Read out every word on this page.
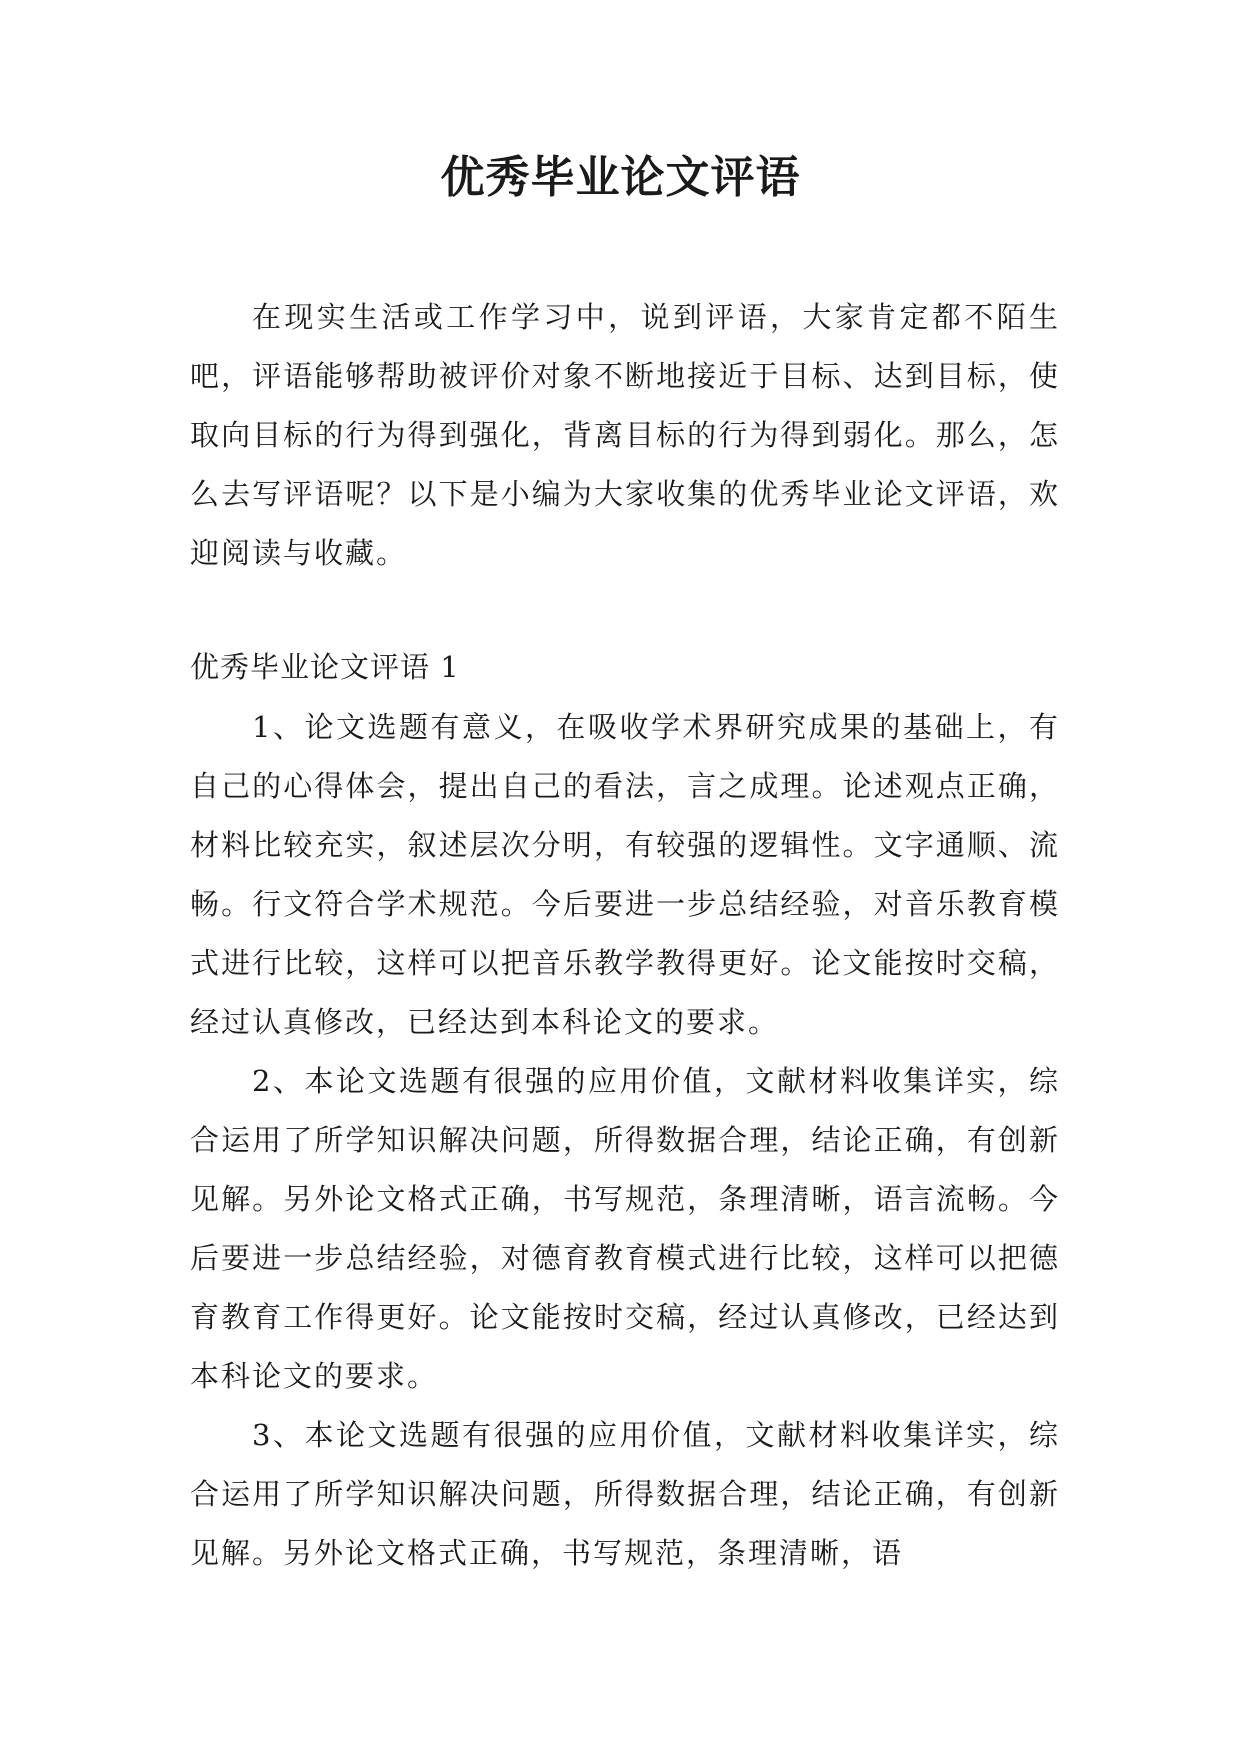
优秀毕业论文评语

在现实生活或工作学习中，说到评语，大家肯定都不陌生吧，评语能够帮助被评价对象不断地接近于目标、达到目标，使取向目标的行为得到强化，背离目标的行为得到弱化。那么，怎么去写评语呢？以下是小编为大家收集的优秀毕业论文评语，欢迎阅读与收藏。

优秀毕业论文评语 1

1、论文选题有意义，在吸收学术界研究成果的基础上，有自己的心得体会，提出自己的看法，言之成理。论述观点正确，材料比较充实，叙述层次分明，有较强的逻辑性。文字通顺、流畅。行文符合学术规范。今后要进一步总结经验，对音乐教育模式进行比较，这样可以把音乐教学教得更好。论文能按时交稿，经过认真修改，已经达到本科论文的要求。

2、本论文选题有很强的应用价值，文献材料收集详实，综合运用了所学知识解决问题，所得数据合理，结论正确，有创新见解。另外论文格式正确，书写规范，条理清晰，语言流畅。今后要进一步总结经验，对德育教育模式进行比较，这样可以把德育教育工作得更好。论文能按时交稿，经过认真修改，已经达到本科论文的要求。

3、本论文选题有很强的应用价值，文献材料收集详实，综合运用了所学知识解决问题，所得数据合理，结论正确，有创新见解。另外论文格式正确，书写规范，条理清晰，语
